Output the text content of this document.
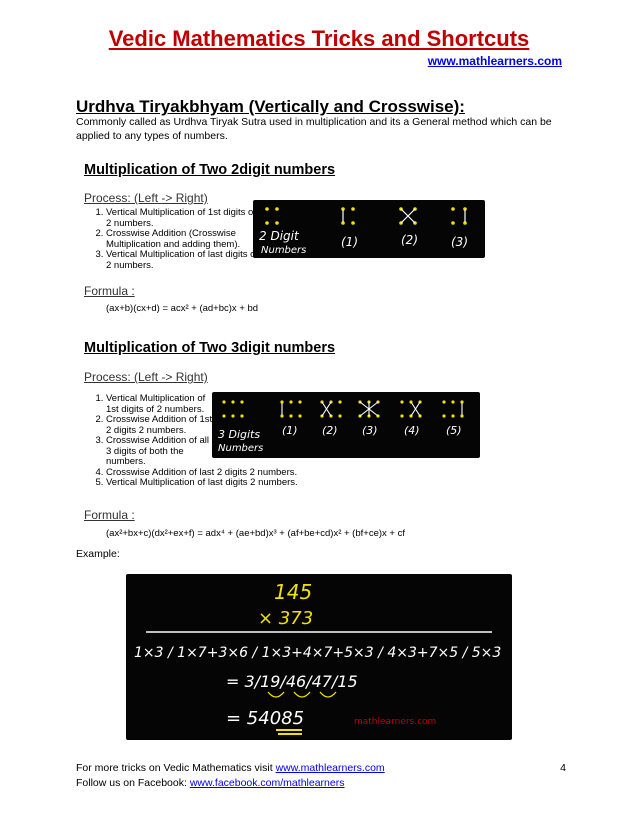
Vedic Mathematics Tricks and Shortcuts
www.mathlearners.com
Urdhva Tiryakbhyam (Vertically and Crosswise):
Commonly called as Urdhva Tiryak Sutra used in multiplication and its a General method which can be applied to any types of numbers.
Multiplication of Two 2digit numbers
Process: (Left -> Right)
1. Vertical Multiplication of 1st digits of 2 numbers.
2. Crosswise Addition (Crosswise Multiplication and adding them).
3. Vertical Multiplication of last digits of 2 numbers.
Formula :
(ax+b)(cx+d) = acx² + (ad+bc)x + bd
2 Digit
Numbers
(1)	(2)	(3)
Multiplication of Two 3digit numbers
Process: (Left -> Right)
1. Vertical Multiplication of 1st digits of 2 numbers.
2. Crosswise Addition of 1st 2 digits 2 numbers.
3. Crosswise Addition of all 3 digits of both the numbers.
4. Crosswise Addition of last 2 digits 2 numbers.
5. Vertical Multiplication of last digits 2 numbers.
Formula :
(ax²+bx+c)(dx²+ex+f) = adx⁴ + (ae+bd)x³ + (af+be+cd)x² + (bf+ce)x + cf
3 Digits
Numbers
(1) (2) (3) (4) (5)
Example:
145
× 373
1×3 / 1×7+3×6 / 1×3+4×7+5×3 / 4×3+7×5 / 5×3
= 3/19/46/47/15
= 54085	mathlearners.com
For more tricks on Vedic Mathematics visit www.mathlearners.com
Follow us on Facebook: www.facebook.com/mathlearners
4
